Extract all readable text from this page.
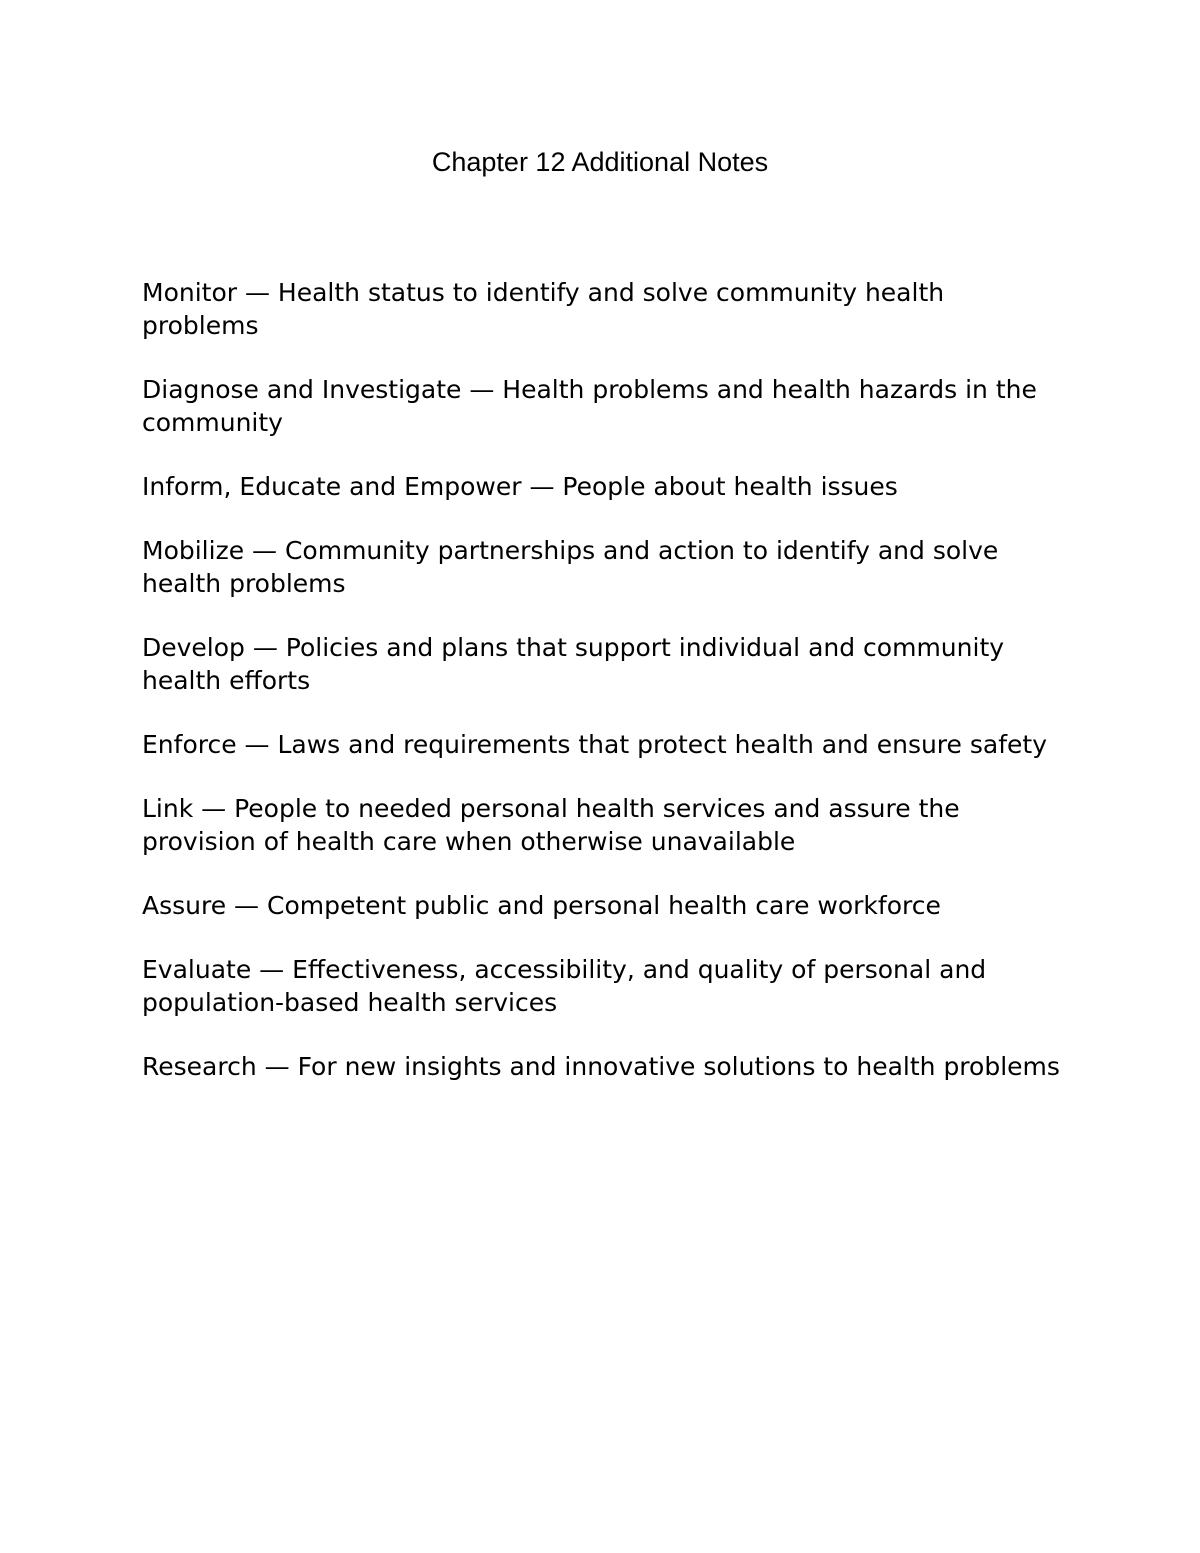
Chapter 12 Additional Notes
Monitor — Health status to identify and solve community health problems
Diagnose and Investigate — Health problems and health hazards in the community
Inform, Educate and Empower — People about health issues
Mobilize — Community partnerships and action to identify and solve health problems
Develop — Policies and plans that support individual and community health efforts
Enforce — Laws and requirements that protect health and ensure safety
Link — People to needed personal health services and assure the provision of health care when otherwise unavailable
Assure — Competent public and personal health care workforce
Evaluate — Effectiveness, accessibility, and quality of personal and population-based health services
Research — For new insights and innovative solutions to health problems
